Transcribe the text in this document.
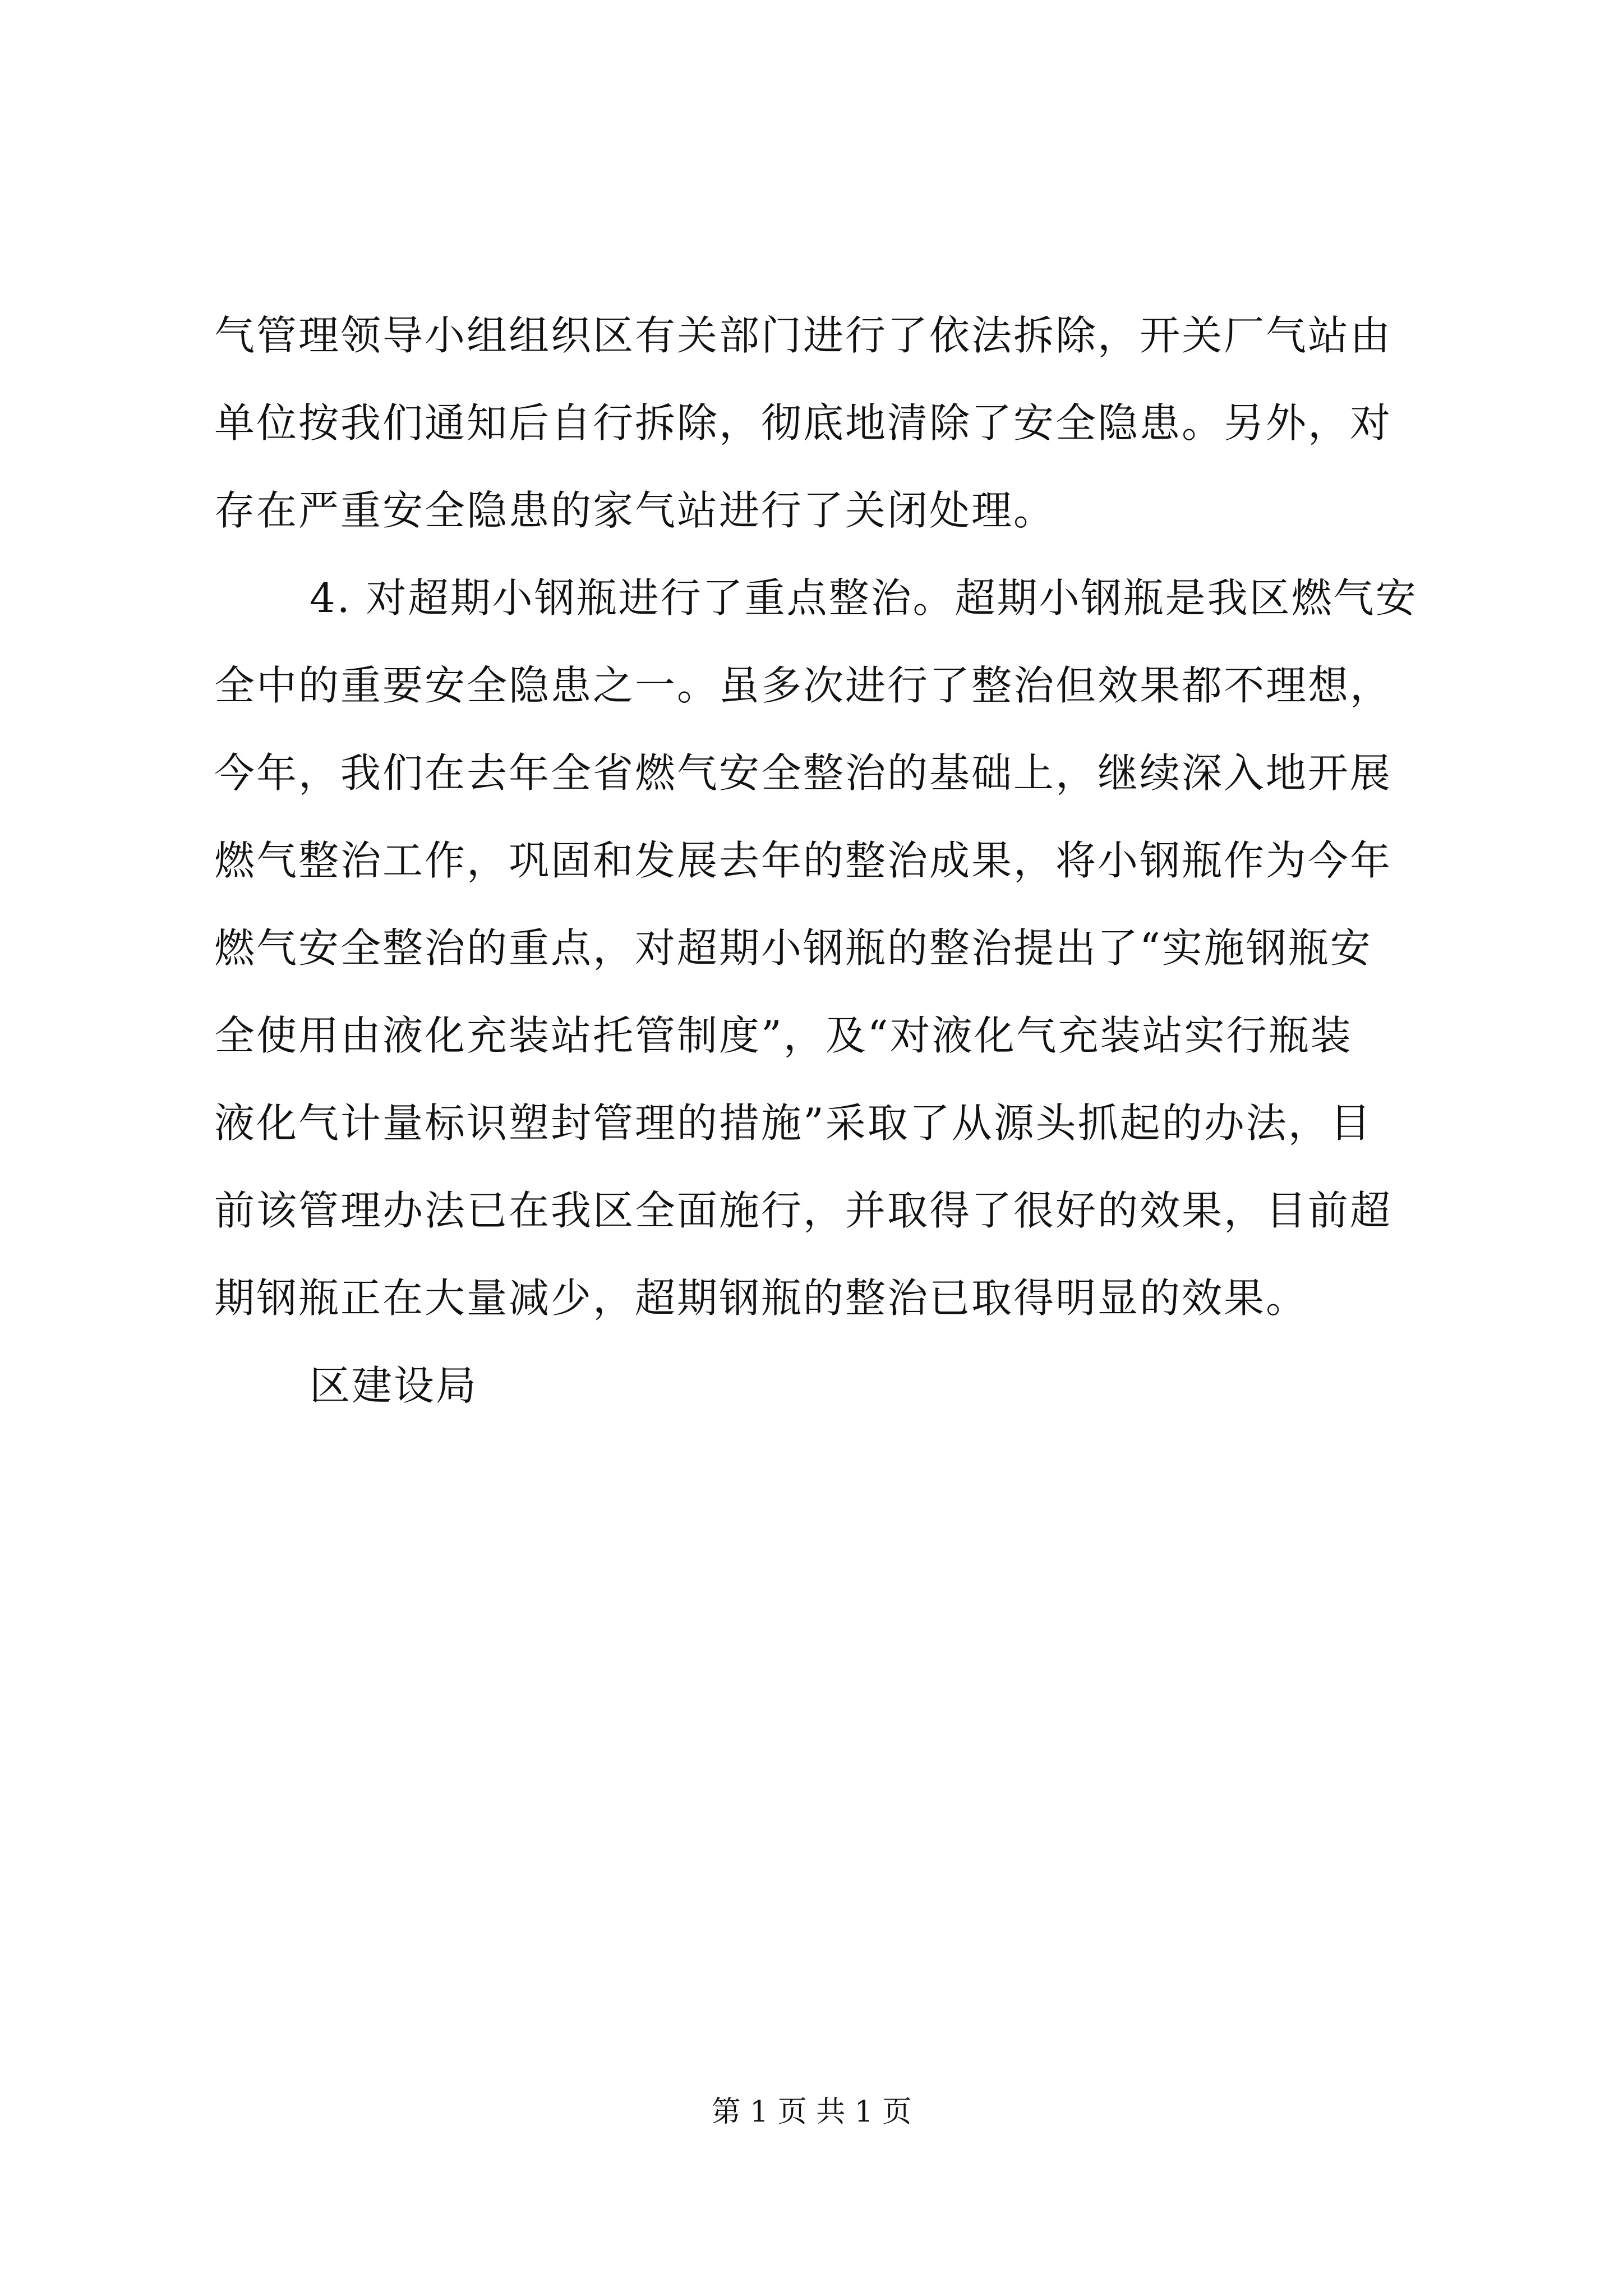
气管理领导小组组织区有关部门进行了依法拆除，开关厂气站由
单位按我们通知后自行拆除，彻底地清除了安全隐患。另外，对
存在严重安全隐患的家气站进行了关闭处理。
4. 对超期小钢瓶进行了重点整治。超期小钢瓶是我区燃气安
全中的重要安全隐患之一。虽多次进行了整治但效果都不理想，
今年，我们在去年全省燃气安全整治的基础上，继续深入地开展
燃气整治工作，巩固和发展去年的整治成果，将小钢瓶作为今年
燃气安全整治的重点，对超期小钢瓶的整治提出了“实施钢瓶安
全使用由液化充装站托管制度”，及“对液化气充装站实行瓶装
液化气计量标识塑封管理的措施”采取了从源头抓起的办法，目
前该管理办法已在我区全面施行，并取得了很好的效果，目前超
期钢瓶正在大量减少，超期钢瓶的整治已取得明显的效果。
区建设局
第 1 页 共 1 页
